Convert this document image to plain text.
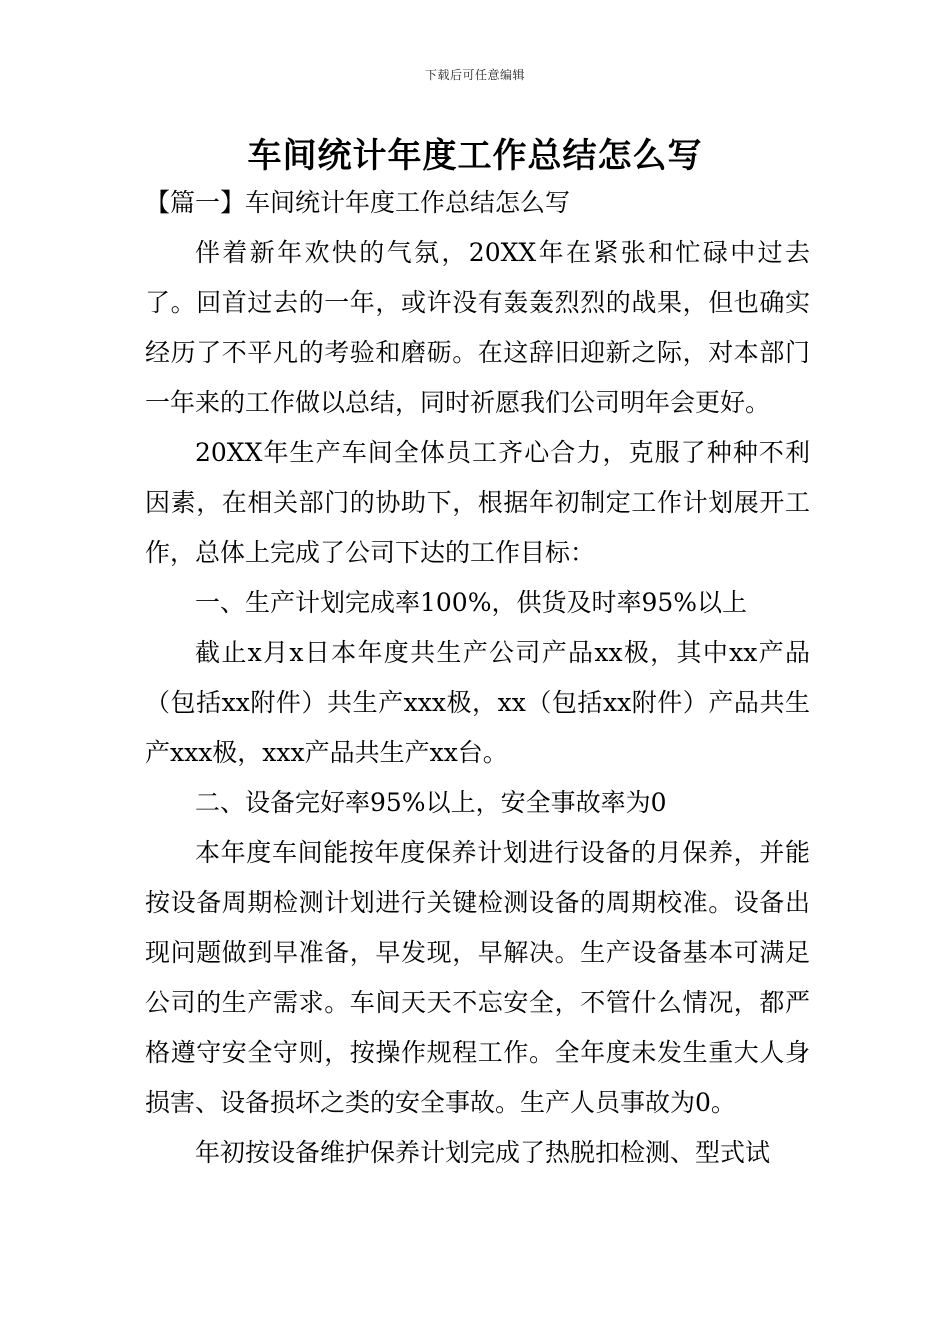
下载后可任意编辑
车间统计年度工作总结怎么写

【篇一】车间统计年度工作总结怎么写

伴着新年欢快的气氛，20XX年在紧张和忙碌中过去了。回首过去的一年，或许没有轰轰烈烈的战果，但也确实经历了不平凡的考验和磨砺。在这辞旧迎新之际，对本部门一年来的工作做以总结，同时祈愿我们公司明年会更好。

20XX年生产车间全体员工齐心合力，克服了种种不利因素，在相关部门的协助下，根据年初制定工作计划展开工作，总体上完成了公司下达的工作目标：

一、生产计划完成率100%，供货及时率95%以上

截止x月x日本年度共生产公司产品xx极，其中xx产品（包括xx附件）共生产xxx极，xx（包括xx附件）产品共生产xxx极，xxx产品共生产xx台。

二、设备完好率95%以上，安全事故率为0

本年度车间能按年度保养计划进行设备的月保养，并能按设备周期检测计划进行关键检测设备的周期校准。设备出现问题做到早准备，早发现，早解决。生产设备基本可满足公司的生产需求。车间天天不忘安全，不管什么情况，都严格遵守安全守则，按操作规程工作。全年度未发生重大人身损害、设备损坏之类的安全事故。生产人员事故为0。

年初按设备维护保养计划完成了热脱扣检测、型式试
